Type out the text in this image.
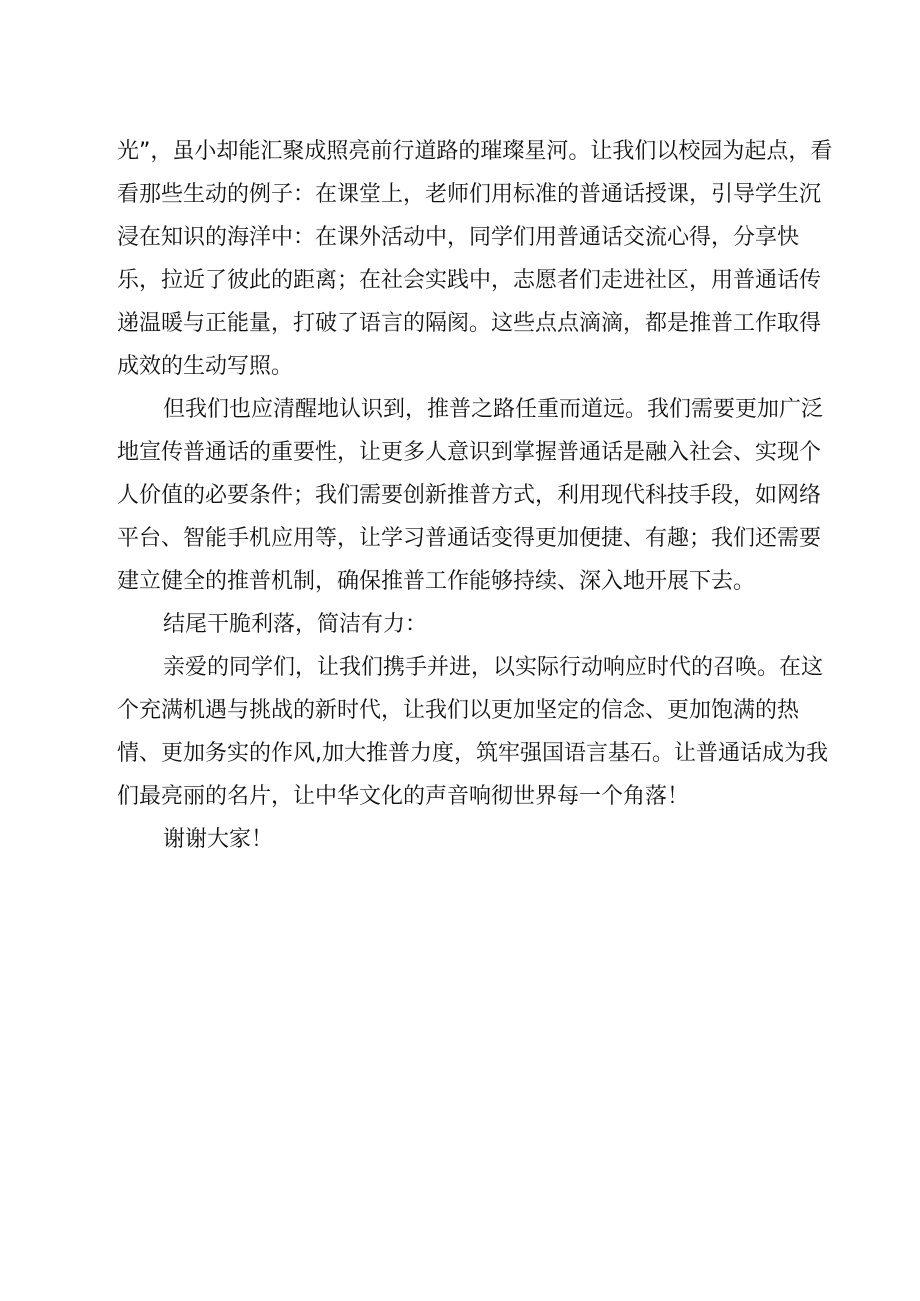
光”，虽小却能汇聚成照亮前行道路的璀璨星河。让我们以校园为起点，看看那些生动的例子：在课堂上，老师们用标准的普通话授课，引导学生沉浸在知识的海洋中：在课外活动中，同学们用普通话交流心得，分享快乐，拉近了彼此的距离；在社会实践中，志愿者们走进社区，用普通话传递温暖与正能量，打破了语言的隔阂。这些点点滴滴，都是推普工作取得成效的生动写照。

但我们也应清醒地认识到，推普之路任重而道远。我们需要更加广泛地宣传普通话的重要性，让更多人意识到掌握普通话是融入社会、实现个人价值的必要条件；我们需要创新推普方式，利用现代科技手段，如网络平台、智能手机应用等，让学习普通话变得更加便捷、有趣；我们还需要建立健全的推普机制，确保推普工作能够持续、深入地开展下去。

结尾干脆利落，简洁有力：

亲爱的同学们，让我们携手并进，以实际行动响应时代的召唤。在这个充满机遇与挑战的新时代，让我们以更加坚定的信念、更加饱满的热情、更加务实的作风,加大推普力度，筑牢强国语言基石。让普通话成为我们最亮丽的名片，让中华文化的声音响彻世界每一个角落！

谢谢大家！
